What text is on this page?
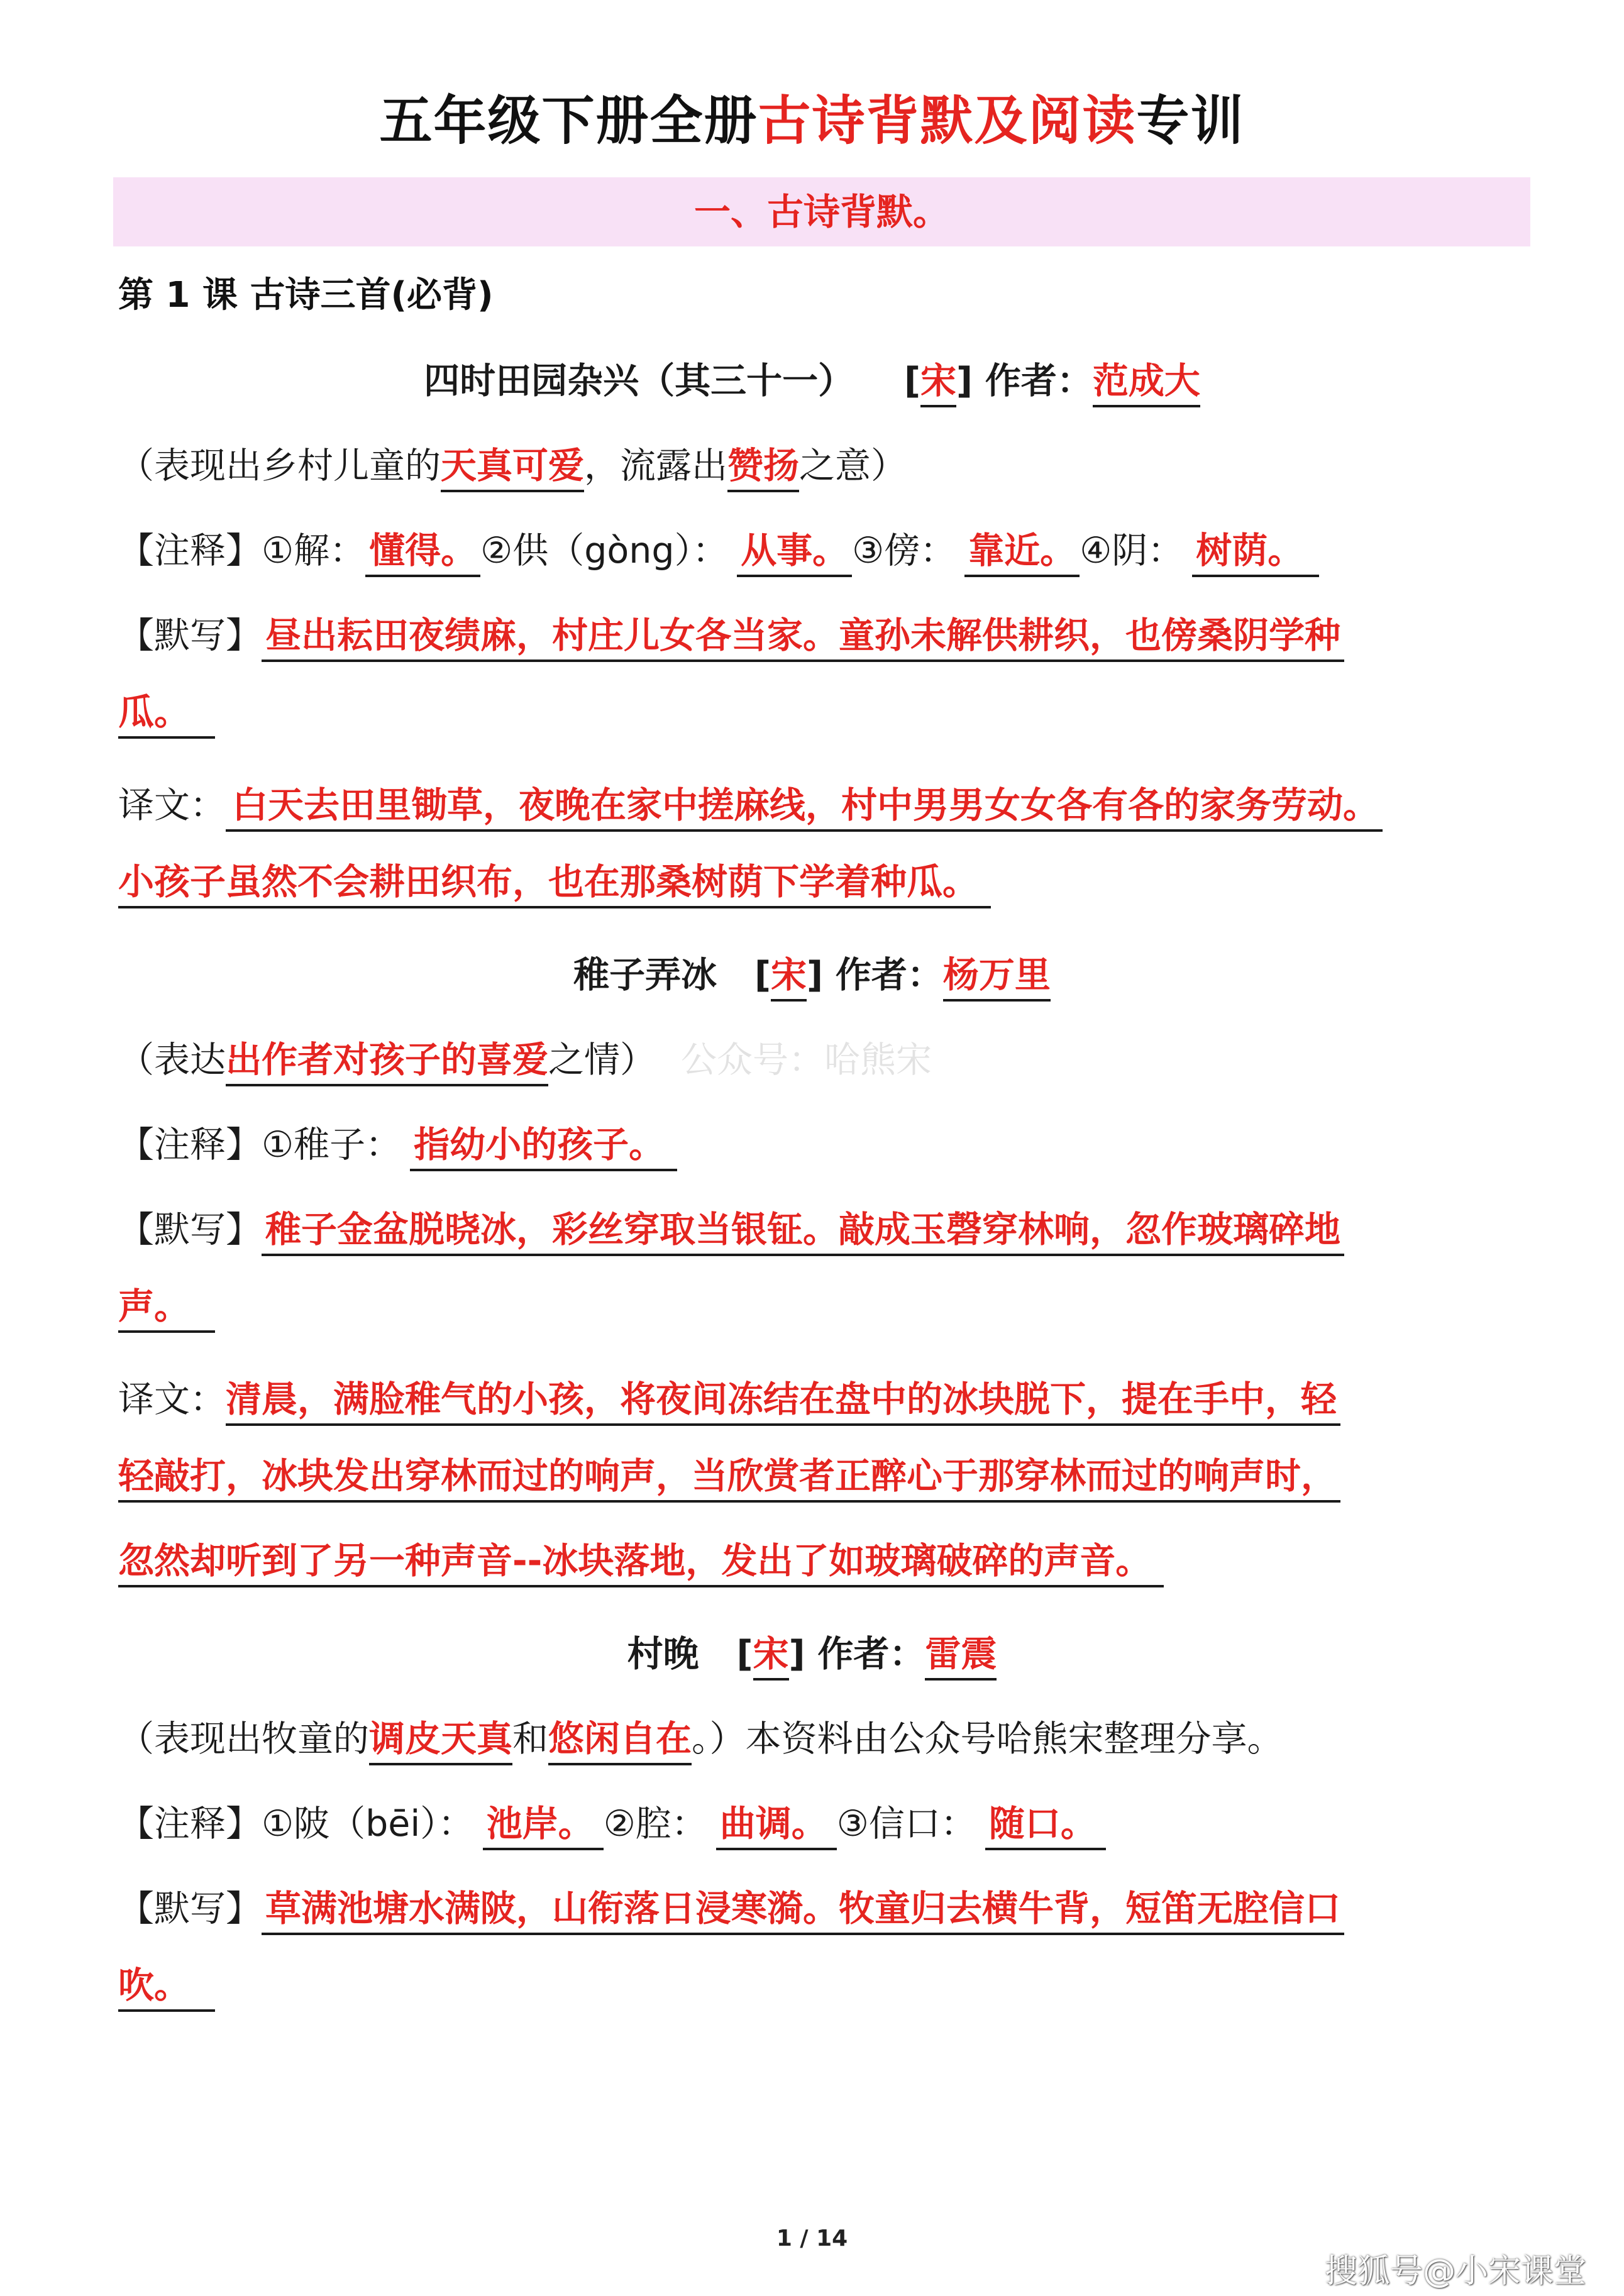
五年级下册全册古诗背默及阅读专训
一、古诗背默。
第 1 课 古诗三首(必背)
四时田园杂兴（其三十一） [宋] 作者：范成大
（表现出乡村儿童的天真可爱，流露出赞扬之意）
【注释】①解： 懂得。 ②供（gòng）： 从事。 ③傍： 靠近。 ④阴： 树荫。
【默写】 昼出耘田夜绩麻，村庄儿女各当家。童孙未解供耕织，也傍桑阴学种
瓜。
译文： 白天去田里锄草，夜晚在家中搓麻线，村中男男女女各有各的家务劳动。
小孩子虽然不会耕田织布，也在那桑树荫下学着种瓜。
稚子弄冰 [宋] 作者：杨万里
（表达出作者对孩子的喜爱之情） 公众号：哈熊宋
【注释】①稚子： 指幼小的孩子。
【默写】 稚子金盆脱晓冰，彩丝穿取当银钲。敲成玉磬穿林响，忽作玻璃碎地
声。
译文：清晨，满脸稚气的小孩，将夜间冻结在盘中的冰块脱下，提在手中，轻
轻敲打，冰块发出穿林而过的响声，当欣赏者正醉心于那穿林而过的响声时，
忽然却听到了另一种声音--冰块落地，发出了如玻璃破碎的声音。
村晚 [宋] 作者：雷震
（表现出牧童的调皮天真和悠闲自在。）本资料由公众号哈熊宋整理分享。
【注释】①陂（bēi）： 池岸。 ②腔： 曲调。 ③信口： 随口。
【默写】 草满池塘水满陂，山衔落日浸寒漪。牧童归去横牛背，短笛无腔信口
吹。
1 / 14
搜狐号@小宋课堂
